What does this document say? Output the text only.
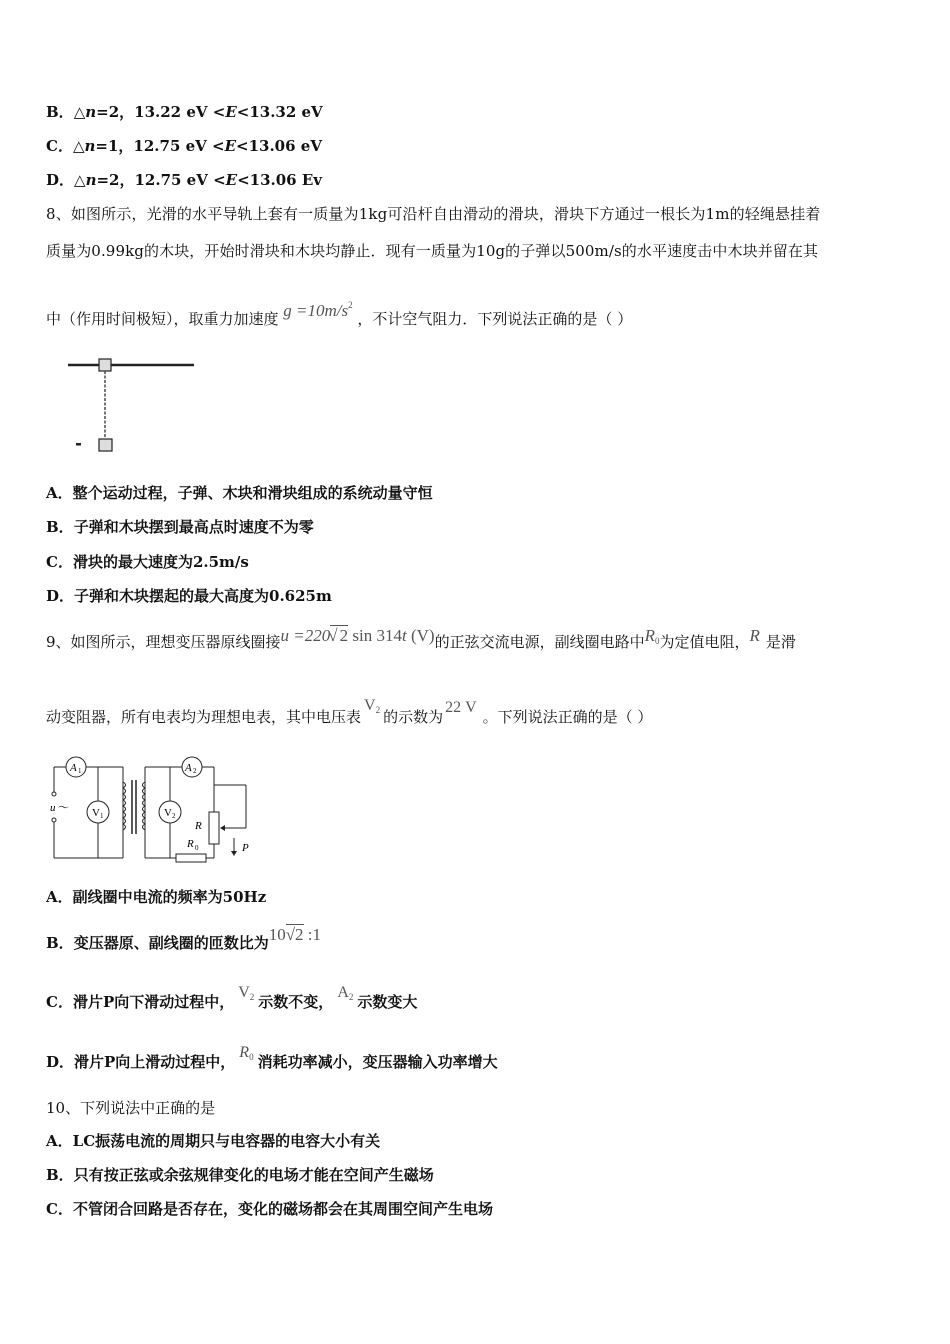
B．△n=2，13.22 eV <E<13.32 eV
C．△n=1，12.75 eV <E<13.06 eV
D．△n=2，12.75 eV <E<13.06 Ev
8、如图所示，光滑的水平导轨上套有一质量为1kg可沿杆自由滑动的滑块，滑块下方通过一根长为1m的轻绳悬挂着
质量为0.99kg的木块，开始时滑块和木块均静止．现有一质量为10g的子弹以500m/s的水平速度击中木块并留在其
中（作用时间极短），取重力加速度 $g =10m/s^2$ ，不计空气阻力．下列说法正确的是（ ）
A．整个运动过程，子弹、木块和滑块组成的系统动量守恒
B．子弹和木块摆到最高点时速度不为零
C．滑块的最大速度为2.5m/s
D．子弹和木块摆起的最大高度为0.625m
9、如图所示，理想变压器原线圈接u =220√ 2 sin 314t (V)的正弦交流电源，副线圈电路中$R_0$为定值电阻，R 是滑
动变阻器，所有电表均为理想电表，其中电压表$V_2$ 的示数为22 V。下列说法正确的是（ ）
A 1
V 1
u ～
A 2
V 2
R
R 0	P
A．副线圈中电流的频率为50Hz
B．变压器原、副线圈的匝数比为10√2 :1
C．滑片P向下滑动过程中，$V_2$ 示数不变，$A_2$ 示数变大
D．滑片P向上滑动过程中，$R_0$ 消耗功率减小，变压器输入功率增大
10、下列说法中正确的是
A．LC振荡电流的周期只与电容器的电容大小有关
B．只有按正弦或余弦规律变化的电场才能在空间产生磁场
C．不管闭合回路是否存在，变化的磁场都会在其周围空间产生电场
